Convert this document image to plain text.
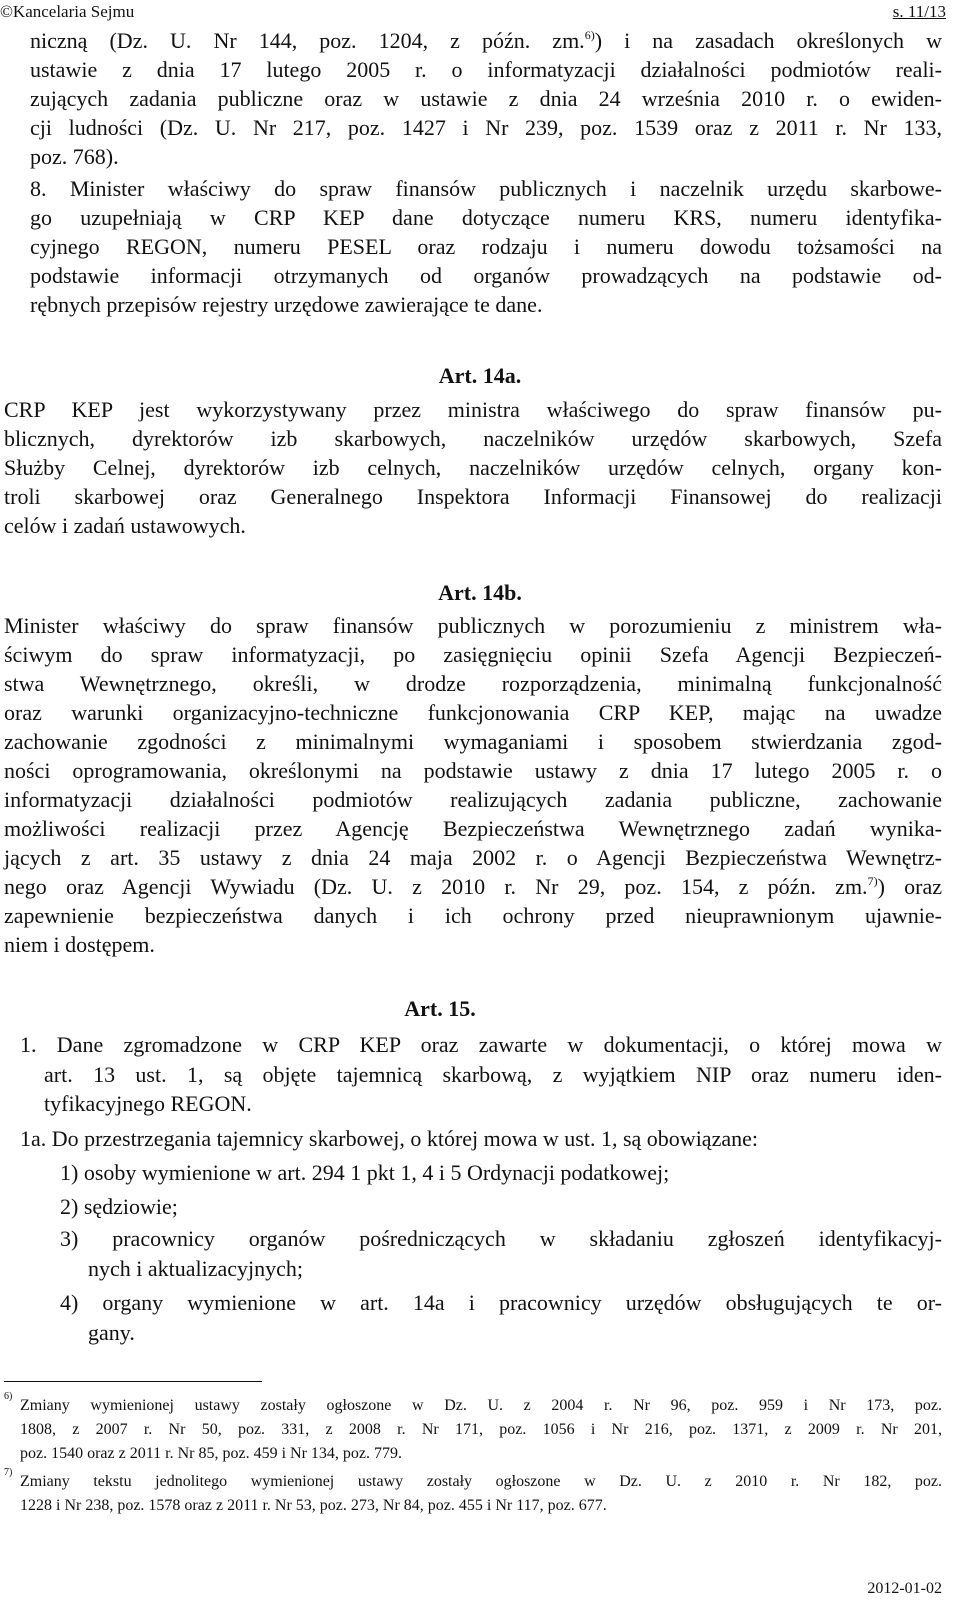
©Kancelaria Sejmu	s. 11/13
niczną (Dz. U. Nr 144, poz. 1204, z późn. zm.$^{6)}$) i na zasadach określonych w
ustawie z dnia 17 lutego 2005 r. o informatyzacji działalności podmiotów reali-
zujących zadania publiczne oraz w ustawie z dnia 24 września 2010 r. o ewiden-
cji ludności (Dz. U. Nr 217, poz. 1427 i Nr 239, poz. 1539 oraz z 2011 r. Nr 133,
poz. 768).
8. Minister właściwy do spraw finansów publicznych i naczelnik urzędu skarbowe-
go uzupełniają w CRP KEP dane dotyczące numeru KRS, numeru identyfika-
cyjnego REGON, numeru PESEL oraz rodzaju i numeru dowodu tożsamości na
podstawie informacji otrzymanych od organów prowadzących na podstawie od-
rębnych przepisów rejestry urzędowe zawierające te dane.
Art. 14a.
CRP KEP jest wykorzystywany przez ministra właściwego do spraw finansów pu-
blicznych, dyrektorów izb skarbowych, naczelników urzędów skarbowych, Szefa
Służby Celnej, dyrektorów izb celnych, naczelników urzędów celnych, organy kon-
troli skarbowej oraz Generalnego Inspektora Informacji Finansowej do realizacji
celów i zadań ustawowych.
Art. 14b.
Minister właściwy do spraw finansów publicznych w porozumieniu z ministrem wła-
ściwym do spraw informatyzacji, po zasięgnięciu opinii Szefa Agencji Bezpieczeń-
stwa Wewnętrznego, określi, w drodze rozporządzenia, minimalną funkcjonalność
oraz warunki organizacyjno-techniczne funkcjonowania CRP KEP, mając na uwadze
zachowanie zgodności z minimalnymi wymaganiami i sposobem stwierdzania zgod-
ności oprogramowania, określonymi na podstawie ustawy z dnia 17 lutego 2005 r. o
informatyzacji działalności podmiotów realizujących zadania publiczne, zachowanie
możliwości realizacji przez Agencję Bezpieczeństwa Wewnętrznego zadań wynika-
jących z art. 35 ustawy z dnia 24 maja 2002 r. o Agencji Bezpieczeństwa Wewnętrz-
nego oraz Agencji Wywiadu (Dz. U. z 2010 r. Nr 29, poz. 154, z późn. zm.$^{7)}$) oraz
zapewnienie bezpieczeństwa danych i ich ochrony przed nieuprawnionym ujawnie-
niem i dostępem.
Art. 15.
1. Dane zgromadzone w CRP KEP oraz zawarte w dokumentacji, o której mowa w
art. 13 ust. 1, są objęte tajemnicą skarbową, z wyjątkiem NIP oraz numeru iden-
tyfikacyjnego REGON.
1a. Do przestrzegania tajemnicy skarbowej, o której mowa w ust. 1, są obowiązane:
1) osoby wymienione w art. 294 1 pkt 1, 4 i 5 Ordynacji podatkowej;
2) sędziowie;
3) pracownicy organów pośredniczących w składaniu zgłoszeń identyfikacyj-
nych i aktualizacyjnych;
4) organy wymienione w art. 14a i pracownicy urzędów obsługujących te or-
gany.
$^{6)}$
Zmiany wymienionej ustawy zostały ogłoszone w Dz. U. z 2004 r. Nr 96, poz. 959 i Nr 173, poz.
1808, z 2007 r. Nr 50, poz. 331, z 2008 r. Nr 171, poz. 1056 i Nr 216, poz. 1371, z 2009 r. Nr 201,
poz. 1540 oraz z 2011 r. Nr 85, poz. 459 i Nr 134, poz. 779.
$^{7)}$
Zmiany tekstu jednolitego wymienionej ustawy zostały ogłoszone w Dz. U. z 2010 r. Nr 182, poz.
1228 i Nr 238, poz. 1578 oraz z 2011 r. Nr 53, poz. 273, Nr 84, poz. 455 i Nr 117, poz. 677.
2012-01-02
